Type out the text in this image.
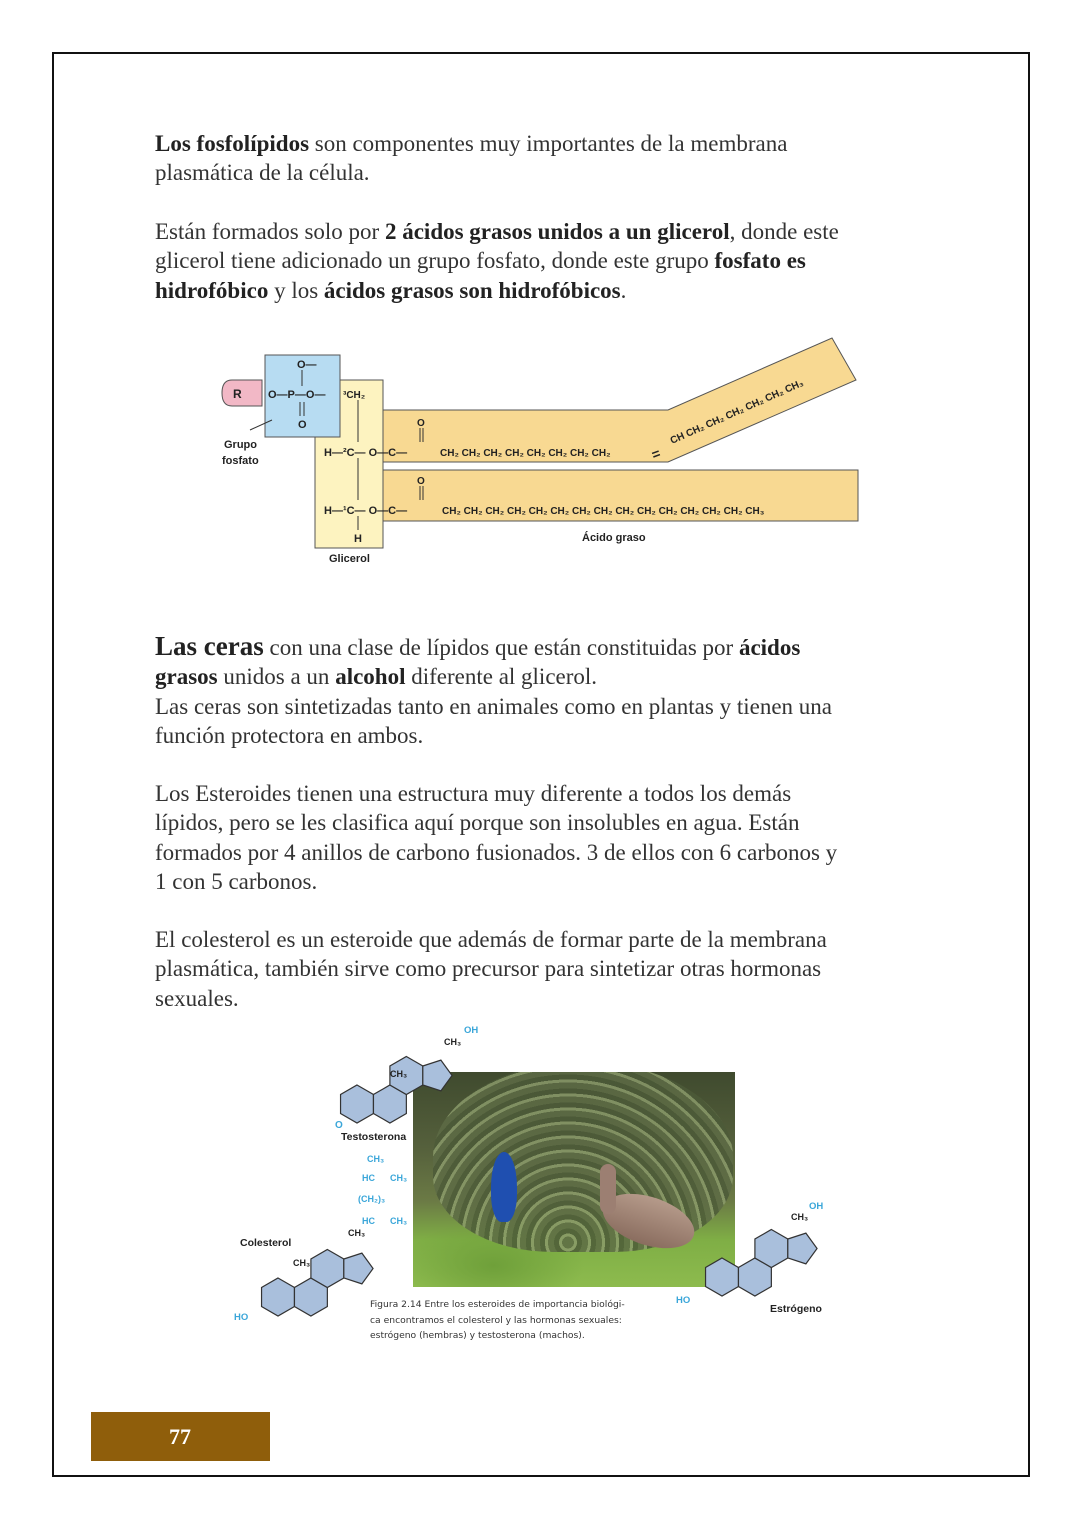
Los fosfolípidos son componentes muy importantes de la membrana
plasmática de la célula.
Están formados solo por 2 ácidos grasos unidos a un glicerol, donde este
glicerol tiene adicionado un grupo fosfato, donde este grupo fosfato es
hidrofóbico y los ácidos grasos son hidrofóbicos.
Las ceras con una clase de lípidos que están constituidas por ácidos
grasos unidos a un alcohol diferente al glicerol.
Las ceras son sintetizadas tanto en animales como en plantas y tienen una
función protectora en ambos.
Los Esteroides tienen una estructura muy diferente a todos los demás
lípidos, pero se les clasifica aquí porque son insolubles en agua. Están
formados por 4 anillos de carbono fusionados. 3 de ellos con 6 carbonos y
1 con 5 carbonos.
El colesterol es un esteroide que además de formar parte de la membrana
plasmática, también sirve como precursor para sintetizar otras hormonas
sexuales.
R
O—
O—P—O— ³CH₂
O
Grupo
fosfato
H—²C— O—C—
O
CH₂ CH₂ CH₂ CH₂ CH₂ CH₂ CH₂ CH₂	=
CH CH₂ CH₂ CH₂ CH₂ CH₂ CH₃
H—¹C— O—C—
O
CH₂ CH₂ CH₂ CH₂ CH₂ CH₂ CH₂ CH₂ CH₂ CH₂ CH₂ CH₂ CH₂ CH₂ CH₃
H
Glicerol
Ácido graso
Testosterona
O
CH₃
CH₃
OH
Colesterol
CH₃
CH₃
HO
CH₃
HC CH₃
(CH₂)₃
HC CH₃
Estrógeno
CH₃
OH
HO
Figura 2.14 Entre los esteroides de importancia biológi-
ca encontramos el colesterol y las hormonas sexuales:
estrógeno (hembras) y testosterona (machos).
77
